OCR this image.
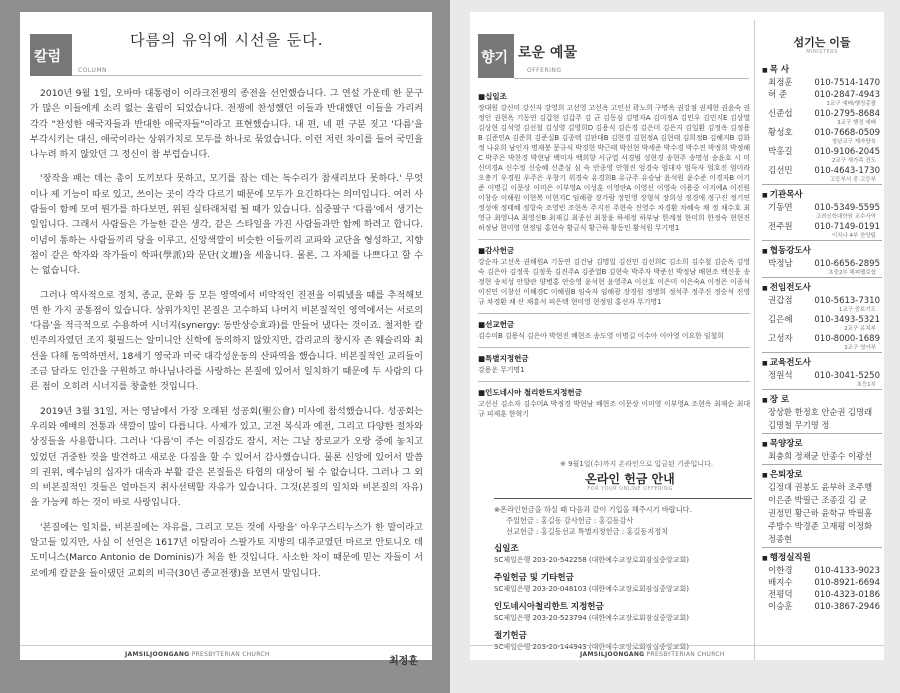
칼럼
COLUMN
다름의 유익에 시선을 둔다.

2010년 9월 1일, 오바마 대통령이 이라크전쟁의 종전을 선언했습니다. 그 연설 가운데 한 문구가 많은 이들에게 소리 없는 울림이 되었습니다. 전쟁에 찬성했던 이들과 반대했던 이들을 가리켜 각각 "찬성한 애국자들과 반대한 애국자들"이라고 표현했습니다. 내 편, 네 편 구분 짓고 '다름'을 부각시키는 대신, 애국이라는 상위가치로 모두를 하나로 묶었습니다. 이런 저런 차이를 들어 국민을 나누려 하지 않았던 그 정신이 참 부럽습니다.

'장작을 패는 데는 총이 도끼보다 못하고, 모기를 잡는 데는 독수리가 참새리보다 못하다.' 무엇이나 제 기능이 따로 있고, 쓰이는 곳이 각각 다르기 때문에 모두가 요긴하다는 의미입니다. 여러 사람들이 함께 모여 뭔가를 하다보면, 위된 실타래처럼 될 때가 있습니다. 십중팔구 '다름'에서 생기는 일입니다. 그래서 사람들은 가능한 같은 생각, 같은 스타일을 가진 사람들과만 함께 하려고 합니다. 이념이 통하는 사람들끼리 당을 이루고, 신앙색깔이 비슷한 이들끼리 교파와 교단을 형성하고, 지향점이 같은 학자와 작가들이 학파(學派)와 문단(文壇)을 세웁니다. 물론, 그 자체를 나쁘다고 할 수는 없습니다.

그러나 역사적으로 정치, 종교, 문화 등 모든 영역에서 비약적인 진전을 이뤄냈을 때를 추적해보면 한 가지 공통점이 있습니다. 상위가치인 본질은 고수하되 나머지 비본질적인 영역에서는 서로의 '다름'을 적극적으로 수용하여 시너지(synergy: 동반상승효과)를 만들어 냈다는 것이죠. 철저한 칼빈주의자였던 조지 휫필드는 알미니안 신학에 동의하지 않았지만, 감리교의 창시자 존 웨슬리와 최선을 다해 동역하면서, 18세기 영국과 미국 대각성운동의 산파역을 했습니다. 비본질적인 교리들이 조금 달라도 인간을 구원하고 하나님나라를 사랑하는 본질에 있어서 일치하기 때문에 두 사람의 다른 점이 오히려 시너지를 창출한 것입니다.

2019년 3월 31일, 저는 영남에서 가장 오래된 성공회(聖公會) 미사에 참석했습니다. 성공회는 우리와 예배의 전통과 색깔이 많이 다릅니다. 사제가 있고, 고전 복식과 예전, 그리고 다양한 절차와 상징들을 사용합니다. 그러나 '다름'이 주는 이질감도 잠시, 저는 그날 장로교가 오랑 중에 놓치고 있었던 귀중한 것을 발견하고 새로운 다짐을 할 수 있어서 감사했습니다. 물론 신앙에 있어서 말씀의 권위, 예수님의 십자가 대속과 부활 같은 본질들은 타협의 대상이 될 수 없습니다. 그러나 그 외의 비본질적인 것들은 얼마든지 취사선택할 자유가 있습니다. 그것(본질의 일치와 비본질의 자유)을 가능케 하는 것이 바로 사랑입니다.

'본질에는 일치를, 비본질에는 자유를, 그리고 모든 것에 사랑을' 아우구스티누스가 한 말이라고 알고들 있지만, 사실 이 선언은 1617년 이탈리아 스팔가토 지방의 대주교였던 마르코 안토니오 데 도미니스(Marco Antonio de Dominis)가 처음 한 것입니다. 사소한 차이 때문에 믿는 자들이 서로에게 칼끝을 들이댔던 교회의 비극(30년 종교전쟁)을 보면서 말입니다.

최정훈
JAMSILJOONGANG PRESBYTERIAN CHURCH
향기 로운 예물
OFFERING
■십일조
장대원 강신미 강신자 강영희 고선영 고선옥 고인선 곽노희 구명옥 권강점 권제현 권윤숙 권정인 권현옥 기동연 김갑현 김갑주 김 균 김동심 김명자A 김미정A 김민우 김민지E 김상열 김상현 김석영 김선철 김성영 김영희D 김용식 김은경 김은미 김은지 김일환 김정옥 김정용B 김준민A 김준희 김준실B 김종택 김판대B 김현경 김현정A 김현태 김희정B 김혜지B 김화정 나유희 남인자 명재붕 문규식 박경현 박근태 박선현 박세준 박수경 박수진 박정희 박정해C 박주은 박찬경 박현남 백미자 백희향 서규열 서경범 성현경 송현주 송명성 송윤호 시 미 신미경A 신수정 신승혜 신춘심 심 숙 안종영 안형진 엄경숙 엄대자 엄득자 엄호진 엄미라 오충기 우경원 우주은 우창기 위경숙 유경희B 유규주 유승남 윤석원 윤수준 이경자B 이기준 이명길 이문상 이미은 이부영A 이성훈 이영란A 이영선 이영숙 이용중 이지예A 이진원 이창승 이해원 이현복 이현지C 임해광 장가람 장민영 장형석 장희성 정경애 정구진 정기연 정성애 정태혜 정항숙 조영빈 조현옥 주지진 주현숙 진영수 차경환 차혜숙 채 정 채수호 최영규 최영나A 최영신B 최재길 최종선 최창윤 하세정 하부남 한계정 한미희 한정숙 현현진 허정남 현미영 현정임 홍현숙 황금식 황근하 황동민 황석원 무기명1
■감사헌금
강순자 고선옥 권해원A 기동연 김건남 김명일 김선민 김선희C 김소희 김수철 김순옥 김영숙 김은아 김정욱 김정욱 김진주A 김준열B 김현숙 박주자 박준선 박정남 배현조 백신웅 송정현 송치성 안향란 양병홍 안승영 윤석현 윤영주A 이선호 이은미 이은숙A 이정은 이종석 이진민 이창선 이혜경C 이혜림B 임숙자 임해광 장경원 정명희 정석주 정주진 정승석 진영규 차경환 채 산 채흥석 피은택 현미영 현정임 홍선자 무기명1
■선교헌금
김수미B 김용식 김은아 박현진 배현조 송도영 이명길 이수아 이아영 이요한 임철희
■특별지정헌금
강용운 무기명1
■인도네시아 철리한트지정헌금
고선선 김소자 김수미A 박정경 박현남 배현조 이문상 이미영 이부영A 조현옥 최재순 최대규 피제훈 한혁기
※ 9월1일(수)까지 온라인으로 입금된 기준입니다.
온라인 헌금 안내
FOR YOUR ONLINE OFFERING
※온라인헌금을 하실 때 다음과 같이 기입을 해주시기 바랍니다.
주일헌금 : 홍길동 감사헌금 : 홍길동감사
선교헌금 : 홍길동선교 특별지정헌금 : 홍길동지정치
십일조
SC제일은행 203-20-542258 (대한예수교장로회잠실중앙교회)
주일헌금 및 기타헌금
SC제일은행 203-20-048103 (대한예수교장로회잠실중앙교회)
인도네시아철리한트 지정헌금
SC제일은행 203-20-523794 (대한예수교장로회잠실중앙교회)
절기헌금
SC제일은행 203-20-144943 (대한예수교장로회잠실중앙교회)
섬기는 이들
MINISTERS
■ 목 사
최정훈	010-7514-1470
허 준	010-2847-4943
1교구 예배/행정총괄
신준섭	010-2795-8684
3교구 행정 예배
황성호	010-7668-0509
청년교구 제자양육
박홍길	010-9106-2045
2교구 새가족 전도
김선민	010-4643-1730
고등부서 중·고등부
■ 기관목사
기동연	010-5349-5595
고려신학대학원 교수사역
전주원	010-7149-0191
이치나 4부 찬양팀
■ 협동강도사
박정남	010-6656-2895
초중2부 해피펠로쉽
■ 전임전도사
권갑점	010-5613-7310
1교구 중보기도
김은혜	010-3493-5321
2교구 유치부
고성자	010-8000-1689
3교구 영아부
■ 교육전도사
정원석	010-3041-5250
초등1부
■ 장 로
장상환 한정호 안순권 김명래
김명철 무기명 정
■ 목양장로
최충희 정채균 안종수 이광선
■ 은퇴장로
김정대 권봉도 윤부하 조주행
이은준 박필근 조종길 김 균
권정민 황근하 윤학규 박필흠
주방수 박경준 고재평 이정화
정종현
■ 행정실직원
이한경	010-4133-9023
배지수	010-8921-6694
전평덕	010-4323-0186
이승훈	010-3867-2946
JAMSILJOONGANG PRESBYTERIAN CHURCH
